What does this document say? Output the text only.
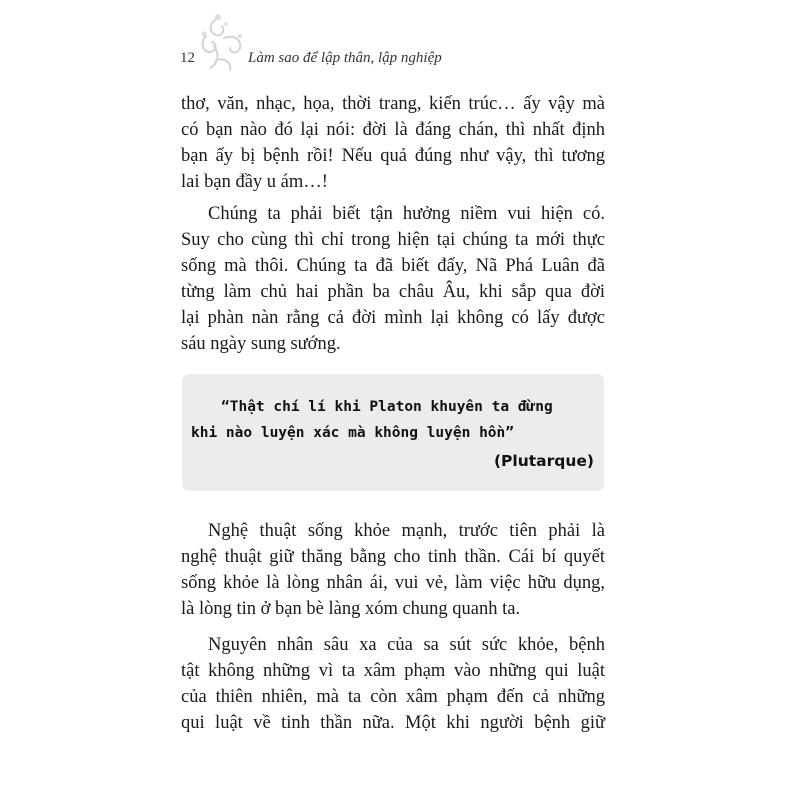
12	Làm sao để lập thân, lập nghiệp
thơ, văn, nhạc, họa, thời trang, kiến trúc… ấy vậy mà
có bạn nào đó lại nói: đời là đáng chán, thì nhất định
bạn ấy bị bệnh rồi! Nếu quả đúng như vậy, thì tương
lai bạn đầy u ám…!
Chúng ta phải biết tận hưởng niềm vui hiện có.
Suy cho cùng thì chỉ trong hiện tại chúng ta mới thực
sống mà thôi. Chúng ta đã biết đấy, Nã Phá Luân đã
từng làm chủ hai phần ba châu Âu, khi sắp qua đời
lại phàn nàn rằng cả đời mình lại không có lấy được
sáu ngày sung sướng.
“Thật chí lí khi Platon khuyên ta đừng
khi nào luyện xác mà không luyện hồn”
(Plutarque)
Nghệ thuật sống khỏe mạnh, trước tiên phải là
nghệ thuật giữ thăng bằng cho tinh thần. Cái bí quyết
sống khỏe là lòng nhân ái, vui vẻ, làm việc hữu dụng,
là lòng tin ở bạn bè làng xóm chung quanh ta.
Nguyên nhân sâu xa của sa sút sức khỏe, bệnh
tật không những vì ta xâm phạm vào những qui luật
của thiên nhiên, mà ta còn xâm phạm đến cả những
qui luật về tinh thần nữa. Một khi người bệnh giữ
